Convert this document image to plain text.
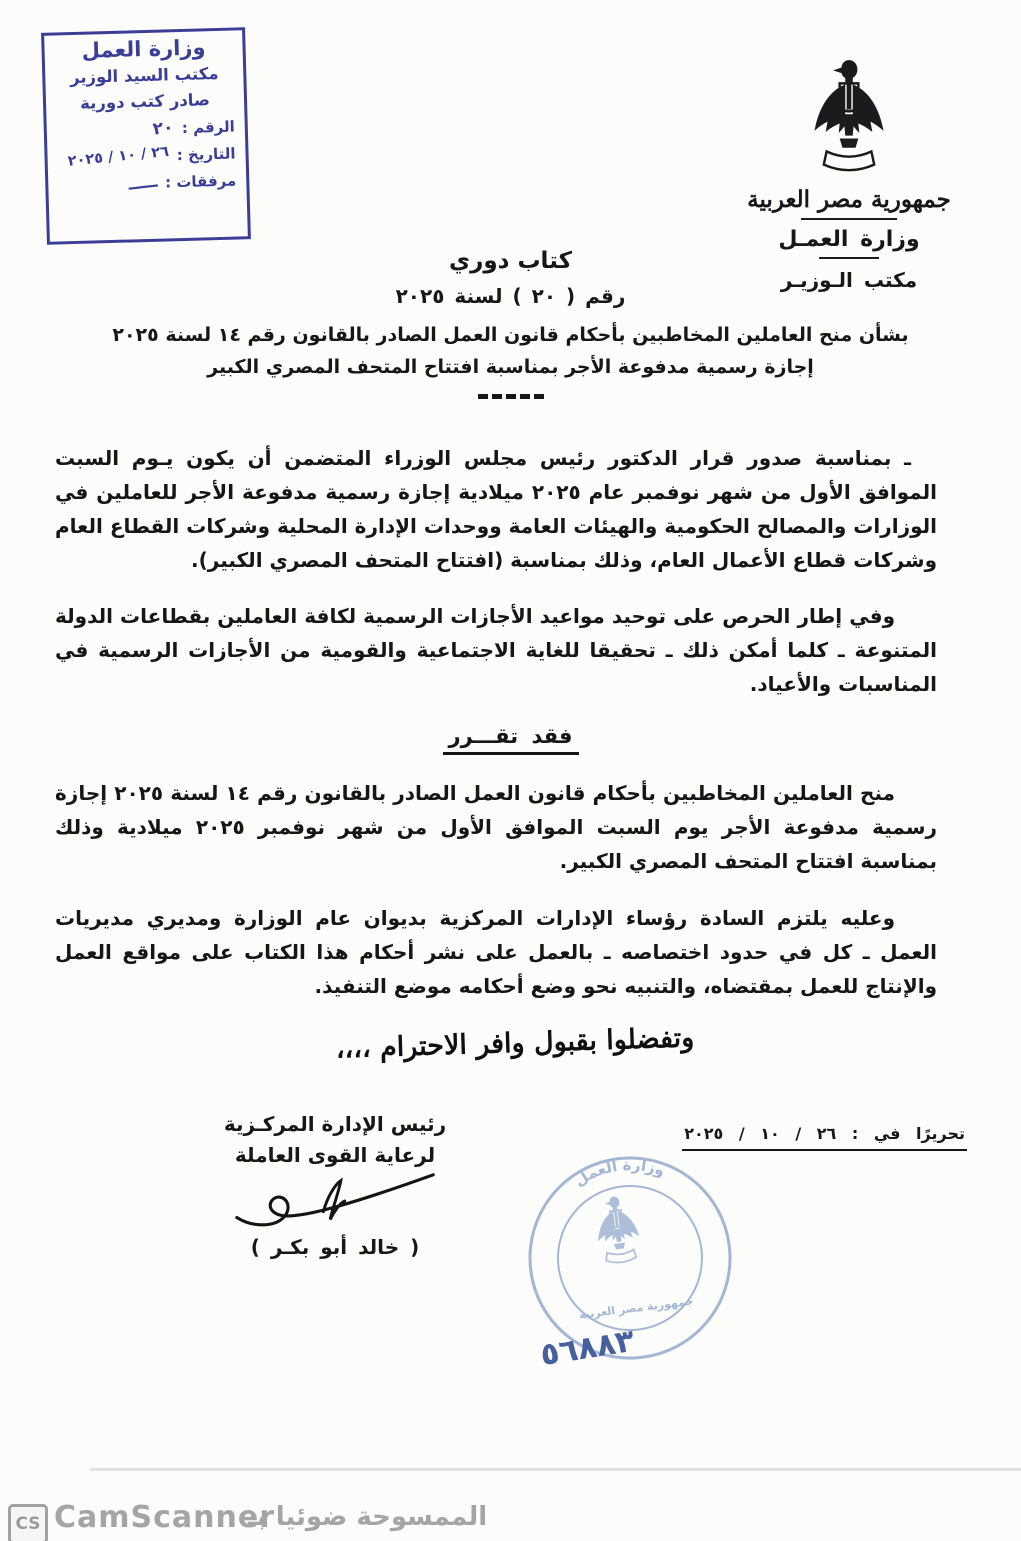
وزارة العمل
مكتب السيد الوزير
صادر كتب دورية
الرقم :
٢٠
التاريخ :
٢٦ / ١٠ / ٢٠٢٥
مرفقات :
ـــــ
جمهورية مصر العربية
وزارة العمـل
مكتب الـوزيـر
كتاب دوري
رقم ( ٢٠ ) لسنة ٢٠٢٥
بشأن منح العاملين المخاطبين بأحكام قانون العمل الصادر بالقانون رقم ١٤ لسنة ٢٠٢٥
إجازة رسمية مدفوعة الأجر بمناسبة افتتاح المتحف المصري الكبير
ـ بمناسبة صدور قرار الدكتور رئيس مجلس الوزراء المتضمن أن يكون يـوم السبت الموافق الأول من شهر نوفمبر عام ٢٠٢٥ ميلادية إجازة رسمية مدفوعة الأجر للعاملين في الوزارات والمصالح الحكومية والهيئات العامة ووحدات الإدارة المحلية وشركات القطاع العام وشركات قطاع الأعمال العام، وذلك بمناسبة (افتتاح المتحف المصري الكبير).
وفي إطار الحرص على توحيد مواعيد الأجازات الرسمية لكافة العاملين بقطاعات الدولة المتنوعة ـ كلما أمكن ذلك ـ تحقيقا للغاية الاجتماعية والقومية من الأجازات الرسمية في المناسبات والأعياد.
فقد تقـــرر
منح العاملين المخاطبين بأحكام قانون العمل الصادر بالقانون رقم ١٤ لسنة ٢٠٢٥ إجازة رسمية مدفوعة الأجر يوم السبت الموافق الأول من شهر نوفمبر ٢٠٢٥ ميلادية وذلك بمناسبة افتتاح المتحف المصري الكبير.
وعليه يلتزم السادة رؤساء الإدارات المركزية بديوان عام الوزارة ومديري مديريات العمل ـ كل في حدود اختصاصه ـ بالعمل على نشر أحكام هذا الكتاب على مواقع العمل والإنتاج للعمل بمقتضاه، والتنبيه نحو وضع أحكامه موضع التنفيذ.
وتفضلوا بقبول وافر الاحترام ،،،،
رئيس الإدارة المركـزية
لرعاية القوى العاملة
( خالد أبو بكـر )
تحريرًا في : ٢٦ / ١٠ / ٢٠٢٥
وزارة العمل
جمهورية مصر العربية
٥٦٨٨٣
CS CamScanner
الممسوحة ضوئيا بـ
